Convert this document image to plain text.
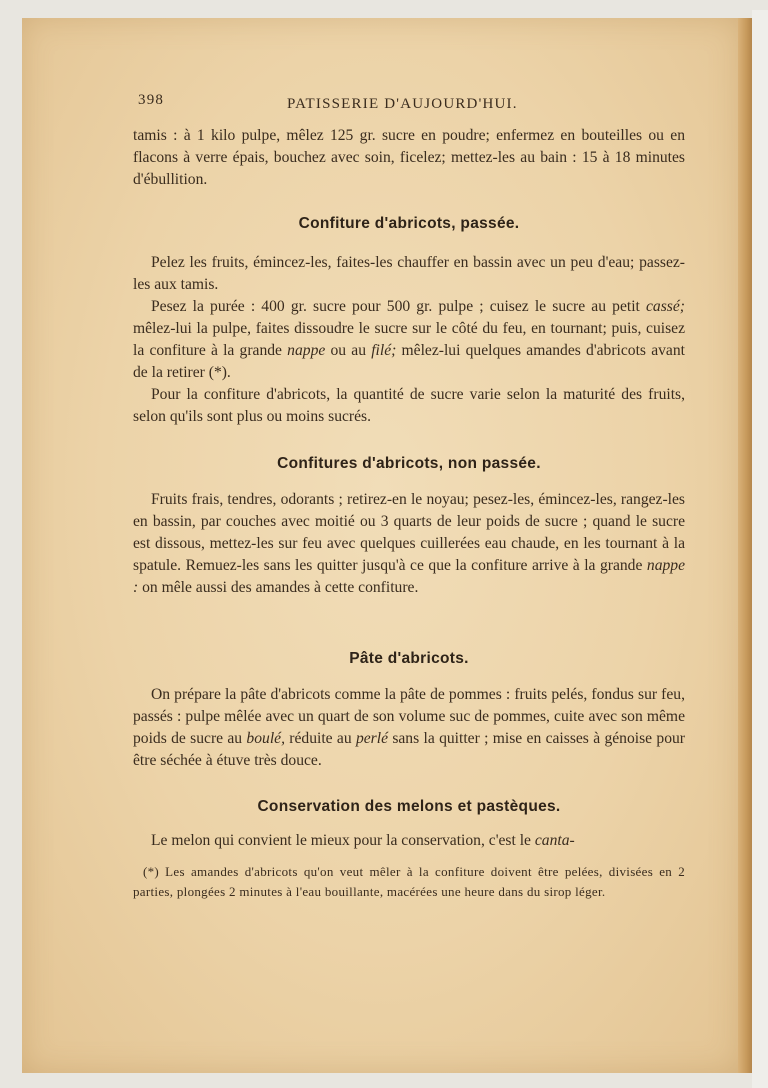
398	PATISSERIE D'AUJOURD'HUI.

tamis : à 1 kilo pulpe, mêlez 125 gr. sucre en poudre; enfermez en bouteilles ou en flacons à verre épais, bouchez avec soin, ficelez; mettez-les au bain : 15 à 18 minutes d'ébullition.

Confiture d'abricots, passée.

Pelez les fruits, émincez-les, faites-les chauffer en bassin avec un peu d'eau; passez-les aux tamis.

Pesez la purée : 400 gr. sucre pour 500 gr. pulpe ; cuisez le sucre au petit cassé; mêlez-lui la pulpe, faites dissoudre le sucre sur le côté du feu, en tournant; puis, cuisez la confiture à la grande nappe ou au filé; mêlez-lui quelques amandes d'abricots avant de la retirer (*).

Pour la confiture d'abricots, la quantité de sucre varie selon la maturité des fruits, selon qu'ils sont plus ou moins sucrés.

Confitures d'abricots, non passée.

Fruits frais, tendres, odorants ; retirez-en le noyau; pesez-les, émincez-les, rangez-les en bassin, par couches avec moitié ou 3 quarts de leur poids de sucre ; quand le sucre est dissous, mettez-les sur feu avec quelques cuillerées eau chaude, en les tournant à la spatule. Remuez-les sans les quitter jusqu'à ce que la confiture arrive à la grande nappe : on mêle aussi des amandes à cette confiture.

Pâte d'abricots.

On prépare la pâte d'abricots comme la pâte de pommes : fruits pelés, fondus sur feu, passés : pulpe mêlée avec un quart de son volume suc de pommes, cuite avec son même poids de sucre au boulé, réduite au perlé sans la quitter ; mise en caisses à génoise pour être séchée à étuve très douce.

Conservation des melons et pastèques.

Le melon qui convient le mieux pour la conservation, c'est le canta-

(*) Les amandes d'abricots qu'on veut mêler à la confiture doivent être pelées, divisées en 2 parties, plongées 2 minutes à l'eau bouillante, macérées une heure dans du sirop léger.
